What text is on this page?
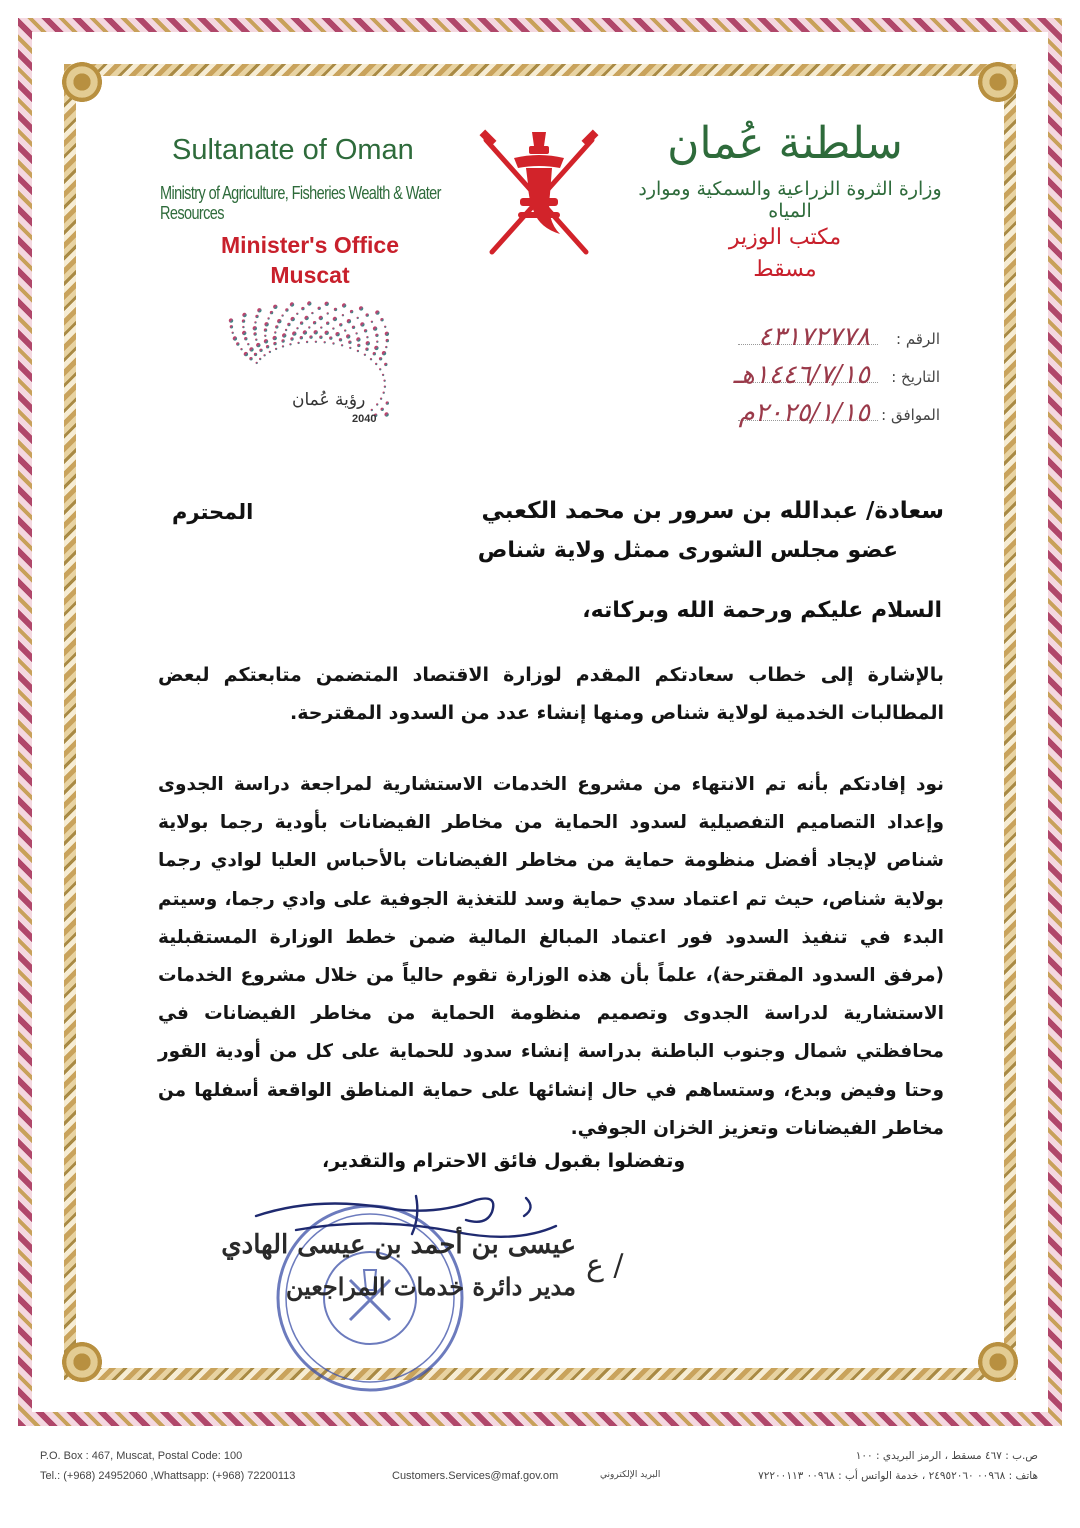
Sultanate of Oman
Ministry of Agriculture, Fisheries Wealth & Water Resources
Minister's Office
Muscat
سلطنة عُمان
وزارة الثروة الزراعية والسمكية وموارد المياه
مكتب الوزير
مسقط
رؤية عُمان
2040
الرقم :
٤٣١٧٢٧٧٨
التاريخ :
١٤٤٦/٧/١٥هـ
الموافق :
٢٠٢٥/١/١٥م
سعادة/ عبدالله بن سرور بن محمد الكعبي
المحترم
عضو مجلس الشورى ممثل ولاية شناص
السلام عليكم ورحمة الله وبركاته،
بالإشارة إلى خطاب سعادتكم المقدم لوزارة الاقتصاد المتضمن متابعتكم لبعض المطالبات الخدمية لولاية شناص ومنها إنشاء عدد من السدود المقترحة.
نود إفادتكم بأنه تم الانتهاء من مشروع الخدمات الاستشارية لمراجعة دراسة الجدوى وإعداد التصاميم التفصيلية لسدود الحماية من مخاطر الفيضانات بأودية رجما بولاية شناص لإيجاد أفضل منظومة حماية من مخاطر الفيضانات بالأحباس العليا لوادي رجما بولاية شناص، حيث تم اعتماد سدي حماية وسد للتغذية الجوفية على وادي رجما، وسيتم البدء في تنفيذ السدود فور اعتماد المبالغ المالية ضمن خطط الوزارة المستقبلية (مرفق السدود المقترحة)، علماً بأن هذه الوزارة تقوم حالياً من خلال مشروع الخدمات الاستشارية لدراسة الجدوى وتصميم منظومة الحماية من مخاطر الفيضانات في محافظتي شمال وجنوب الباطنة بدراسة إنشاء سدود للحماية على كل من أودية القور وحتا وفيض وبدع، وستساهم في حال إنشائها على حماية المناطق الواقعة أسفلها من مخاطر الفيضانات وتعزيز الخزان الجوفي.
وتفضلوا بقبول فائق الاحترام والتقدير،
/ ع
عيسى بن أحمد بن عيسى الهادي
مدير دائرة خدمات المراجعين
P.O. Box : 467, Muscat, Postal Code: 100
Tel.: (+968) 24952060 ,Whattsapp: (+968) 72200113	Customers.Services@maf.gov.om	البريد الإلكتروني
ص.ب : ٤٦٧ مسقط ، الرمز البريدي : ١٠٠
هاتف : ٠٠٩٦٨ ٢٤٩٥٢٠٦٠ ، خدمة الواتس أب : ٠٠٩٦٨ ٧٢٢٠٠١١٣
